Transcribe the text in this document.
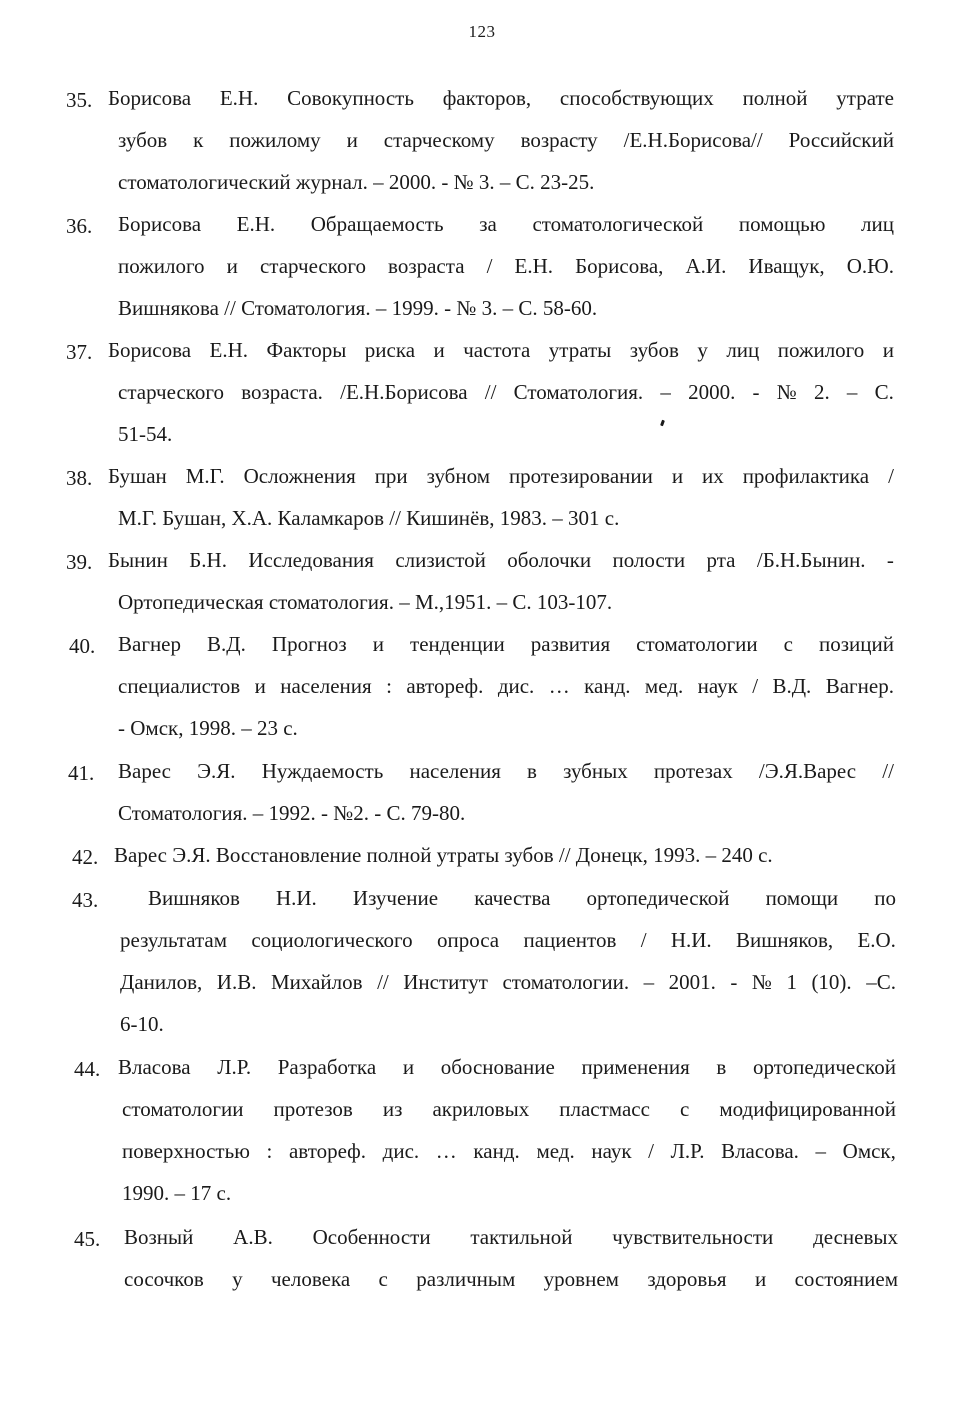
123
35. Борисова Е.Н. Совокупность факторов, способствующих полной утрате
зубов к пожилому и старческому возрасту /Е.Н.Борисова// Российский
стоматологический журнал. – 2000. - № 3. – С. 23-25.
36. Борисова Е.Н. Обращаемость за стоматологической помощью лиц
пожилого и старческого возраста / Е.Н. Борисова, А.И. Иващук, О.Ю.
Вишнякова // Стоматология. – 1999. - № 3. – С. 58-60.
37. Борисова Е.Н. Факторы риска и частота утраты зубов у лиц пожилого и
старческого возраста. /Е.Н.Борисова // Стоматология. – 2000. - № 2. – С.
51-54.
38. Бушан М.Г. Осложнения при зубном протезировании и их профилактика /
М.Г. Бушан, Х.А. Каламкаров // Кишинёв, 1983. – 301 с.
39. Бынин Б.Н. Исследования слизистой оболочки полости рта /Б.Н.Бынин. -
Ортопедическая стоматология. – М.,1951. – С. 103-107.
40. Вагнер В.Д. Прогноз и тенденции развития стоматологии с позиций
специалистов и населения : автореф. дис. … канд. мед. наук / В.Д. Вагнер.
- Омск, 1998. – 23 с.
41. Варес Э.Я. Нуждаемость населения в зубных протезах /Э.Я.Варес //
Стоматология. – 1992. - №2. - С. 79-80.
42. Варес Э.Я. Восстановление полной утраты зубов // Донецк, 1993. – 240 с.
43. Вишняков Н.И. Изучение качества ортопедической помощи по
результатам социологического опроса пациентов / Н.И. Вишняков, Е.О.
Данилов, И.В. Михайлов // Институт стоматологии. – 2001. - № 1 (10). –С.
6-10.
44. Власова Л.Р. Разработка и обоснование применения в ортопедической
стоматологии протезов из акриловых пластмасс с модифицированной
поверхностью : автореф. дис. … канд. мед. наук / Л.Р. Власова. – Омск,
1990. – 17 с.
45. Возный А.В. Особенности тактильной чувствительности десневых
сосочков у человека с различным уровнем здоровья и состоянием
